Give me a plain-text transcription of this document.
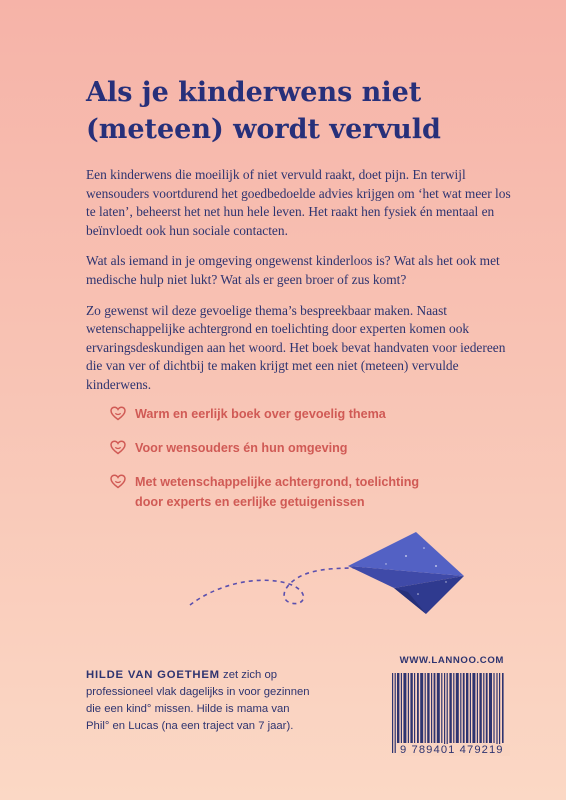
Als je kinderwens niet
(meteen) wordt vervuld

Een kinderwens die moeilijk of niet vervuld raakt, doet pijn. En terwijl wensouders voortdurend het goedbedoelde advies krijgen om ‘het wat meer los te laten’, beheerst het net hun hele leven. Het raakt hen fysiek én mentaal en beïnvloedt ook hun sociale contacten.

Wat als iemand in je omgeving ongewenst kinderloos is? Wat als het ook met medische hulp niet lukt? Wat als er geen broer of zus komt?

Zo gewenst wil deze gevoelige thema’s bespreekbaar maken. Naast wetenschappelijke achtergrond en toelichting door experten komen ook ervaringsdeskundigen aan het woord. Het boek bevat handvaten voor iedereen die van ver of dichtbij te maken krijgt met een niet (meteen) vervulde kinderwens.

Warm en eerlijk boek over gevoelig thema
Voor wensouders én hun omgeving
Met wetenschappelijke achtergrond, toelichting door experts en eerlijke getuigenissen
HILDE VAN GOETHEM zet zich op professioneel vlak dagelijks in voor gezinnen die een kind° missen. Hilde is mama van Phil° en Lucas (na een traject van 7 jaar).
WWW.LANNOO.COM
9 789401 479219
